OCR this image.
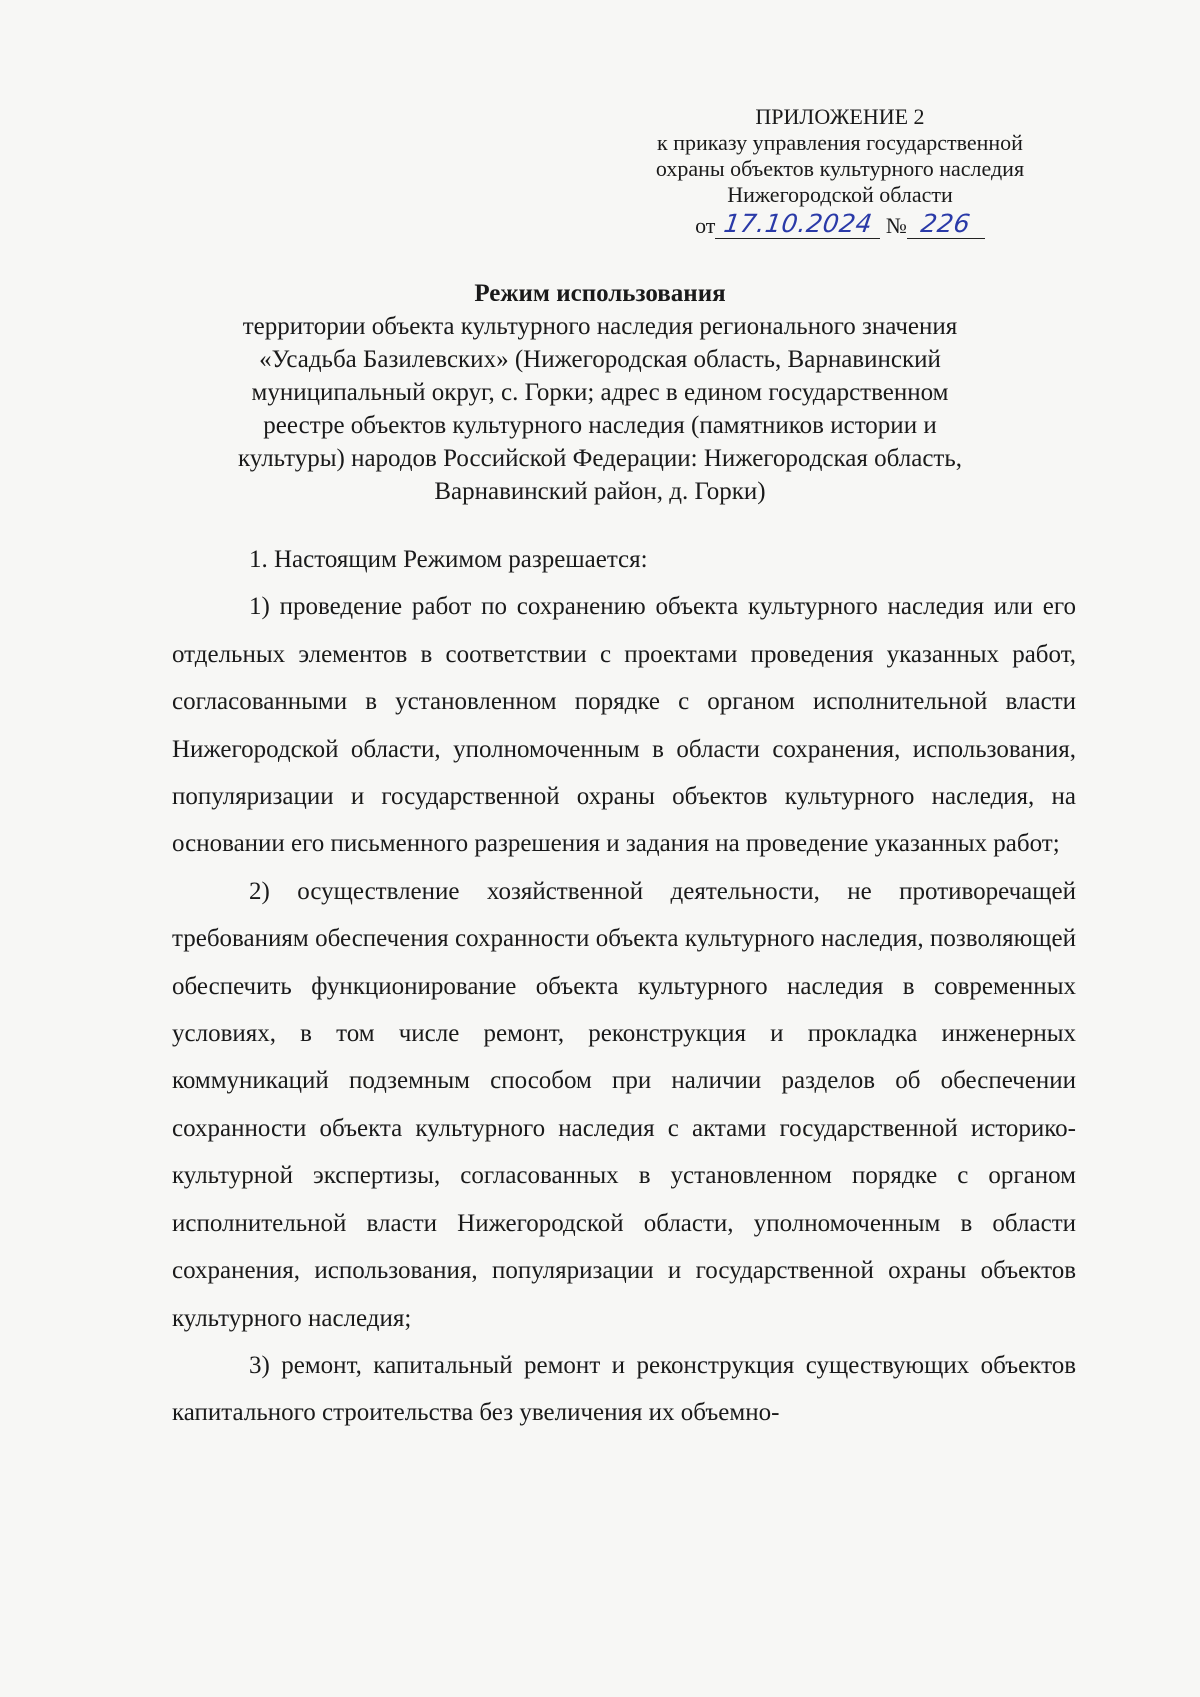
ПРИЛОЖЕНИЕ 2
к приказу управления государственной
охраны объектов культурного наследия
Нижегородской области
от 17.10.2024 № 226
Режим использования
территории объекта культурного наследия регионального значения
«Усадьба Базилевских» (Нижегородская область, Варнавинский
муниципальный округ, с. Горки; адрес в едином государственном
реестре объектов культурного наследия (памятников истории и
культуры) народов Российской Федерации: Нижегородская область,
Варнавинский район, д. Горки)

1. Настоящим Режимом разрешается:

1) проведение работ по сохранению объекта культурного наследия или его отдельных элементов в соответствии с проектами проведения указанных работ, согласованными в установленном порядке с органом исполнительной власти Нижегородской области, уполномоченным в области сохранения, использования, популяризации и государственной охраны объектов культурного наследия, на основании его письменного разрешения и задания на проведение указанных работ;

2) осуществление хозяйственной деятельности, не противоречащей требованиям обеспечения сохранности объекта культурного наследия, позволяющей обеспечить функционирование объекта культурного наследия в современных условиях, в том числе ремонт, реконструкция и прокладка инженерных коммуникаций подземным способом при наличии разделов об обеспечении сохранности объекта культурного наследия с актами государственной историко-культурной экспертизы, согласованных в установленном порядке с органом исполнительной власти Нижегородской области, уполномоченным в области сохранения, использования, популяризации и государственной охраны объектов культурного наследия;

3) ремонт, капитальный ремонт и реконструкция существующих объектов капитального строительства без увеличения их объемно-
